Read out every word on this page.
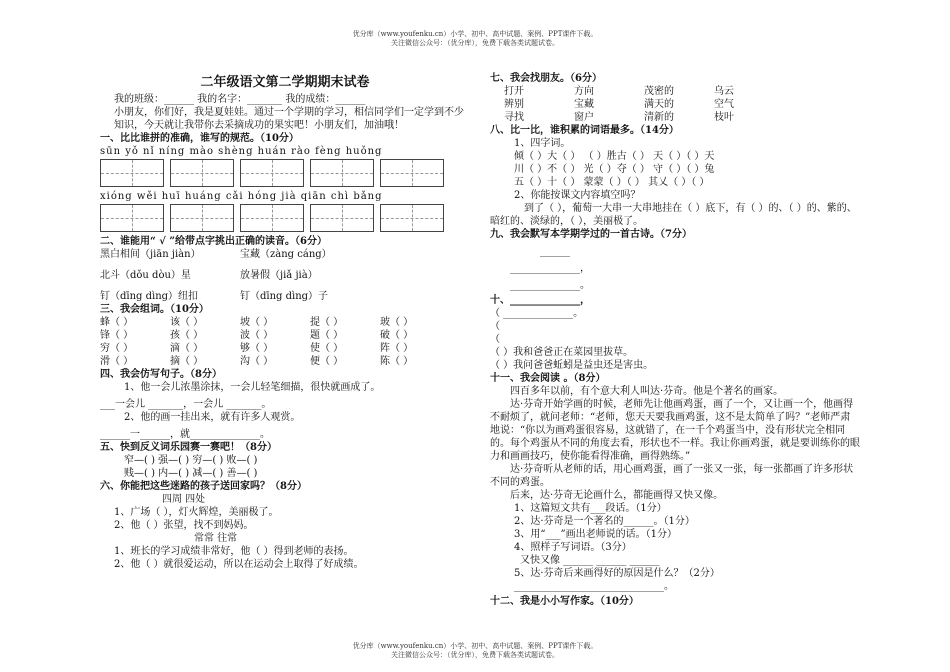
优分库（www.youfenku.cn）小学、初中、高中试题、案例、PPT课件下载。
关注微信公众号：（优分库），免费下载各类试题试卷。
二年级语文第二学期期末试卷
我的班级：______ 我的名字：_______ 我的成绩：______
小朋友，你们好，我是夏娃娃。通过一个学期的学习，相信同学们一定学到不少知识，今天就让我带你去采摘成功的果实吧！小朋友们，加油哦！
一、比比谁拼的准确，谁写的规范。（10分）
sūn yǒ nǐ níng mào shèng huán rào fèng huǒng
xióng wěi huī huáng cǎi hóng jià qiān chì bǎng
二、谁能用“ √ ”给带点字挑出正确的读音。（6分）
黑白相间（jiān jiàn）	宝藏（zàng cáng）
北斗（dǒu dòu）星	放暑假（jiǎ jià）
钉（dīng dìng）纽扣	钉（dīng dìng）子
三、我会组词。（10分）
蜂（ ）	该（ ）	坡（ ）	提（ ）	玻（ ）
锋（ ）	孩（ ）	波（ ）	题（ ）	破（ ）
穷（ ）	滴（ ）	够（ ）	使（ ）	阵（ ）
滑（ ）	摘（ ）	沟（ ）	便（ ）	陈（ ）
四、我会仿写句子。（8分）
1、他一会儿浓墨涂抹，一会儿轻笔细描，很快就画成了。
___一会儿 _______，一会儿 _______。
2、他的画一挂出来，就有许多人观赏。
______一______，就______________。
五、快到反义词乐园赛一赛吧！（8分）
窄—( ) 强—( ) 穷—( ) 败—( )
贱—( ) 内—( ) 减—( ) 善—( )
六、你能把这些迷路的孩子送回家吗？（8分）
四周 四处
1、广场（ ），灯火辉煌，美丽极了。
2、他（ ）张望，找不到妈妈。
常常 往常
1、班长的学习成绩非常好，他（ ）得到老师的表扬。
2、他（ ）就很爱运动，所以在运动会上取得了好成绩。
七、我会找朋友。（6分）
打开	方向	茂密的	乌云
辨别	宝藏	满天的	空气
寻找	窗户	清新的	枝叶
八、比一比，谁积累的词语最多。（14分）
1、四字词。
倾（ ）大（ ） （ ）胜古（ ） 天（ ）（ ）天
川（ ）不（ ） 光（ ）夺（ ） 守（ ）（ ）兔
五（ ）十（ ） 蒙蒙（ ）（ ） 其乂（ ）（ ）
2、你能按课文内容填空吗？
到了（ ），葡萄一大串一大串地挂在（ ）底下，有（ ）的、（ ）的、紫的、暗红的、淡绿的，（ ），美丽极了。
九、我会默写本学期学过的一首古诗。（7分）
______
______________，
______________。
十、______________，
（ ______________。
（
（
（ ）我和爸爸正在菜园里拔草。
（ ）我问爸爸蚯蚓是益虫还是害虫。
十一、我会阅读 。（8分）
四百多年以前，有个意大利人叫达·芬奇。他是个著名的画家。
达·芬奇开始学画的时候，老师先让他画鸡蛋，画了一个，又让画一个，他画得不耐烦了，就问老师：“老师，您天天要我画鸡蛋，这不是太简单了吗？”老师严肃地说：“你以为画鸡蛋很容易，这就错了，在一千个鸡蛋当中，没有形状完全相同的。每个鸡蛋从不同的角度去看，形状也不一样。我让你画鸡蛋，就是要训练你的眼力和画画技巧，使你能看得准确，画得熟练。”
达·芬奇听从老师的话，用心画鸡蛋，画了一张又一张，每一张都画了许多形状不同的鸡蛋。
后来，达·芬奇无论画什么，都能画得又快又像。
1、这篇短文共有___段话。（1分）
2、达·芬奇是一个著名的______。（1分）
3、用“___”画出老师说的话。（1分）
4、照样子写词语。（3分）
又快又像 ______ ______ ______
5、达·芬奇后来画得好的原因是什么？（2分）
______________________________。
十二、我是小小写作家。（10分）
优分库（www.youfenku.cn）小学、初中、高中试题、案例、PPT课件下载。
关注微信公众号：（优分库），免费下载各类试题试卷。
